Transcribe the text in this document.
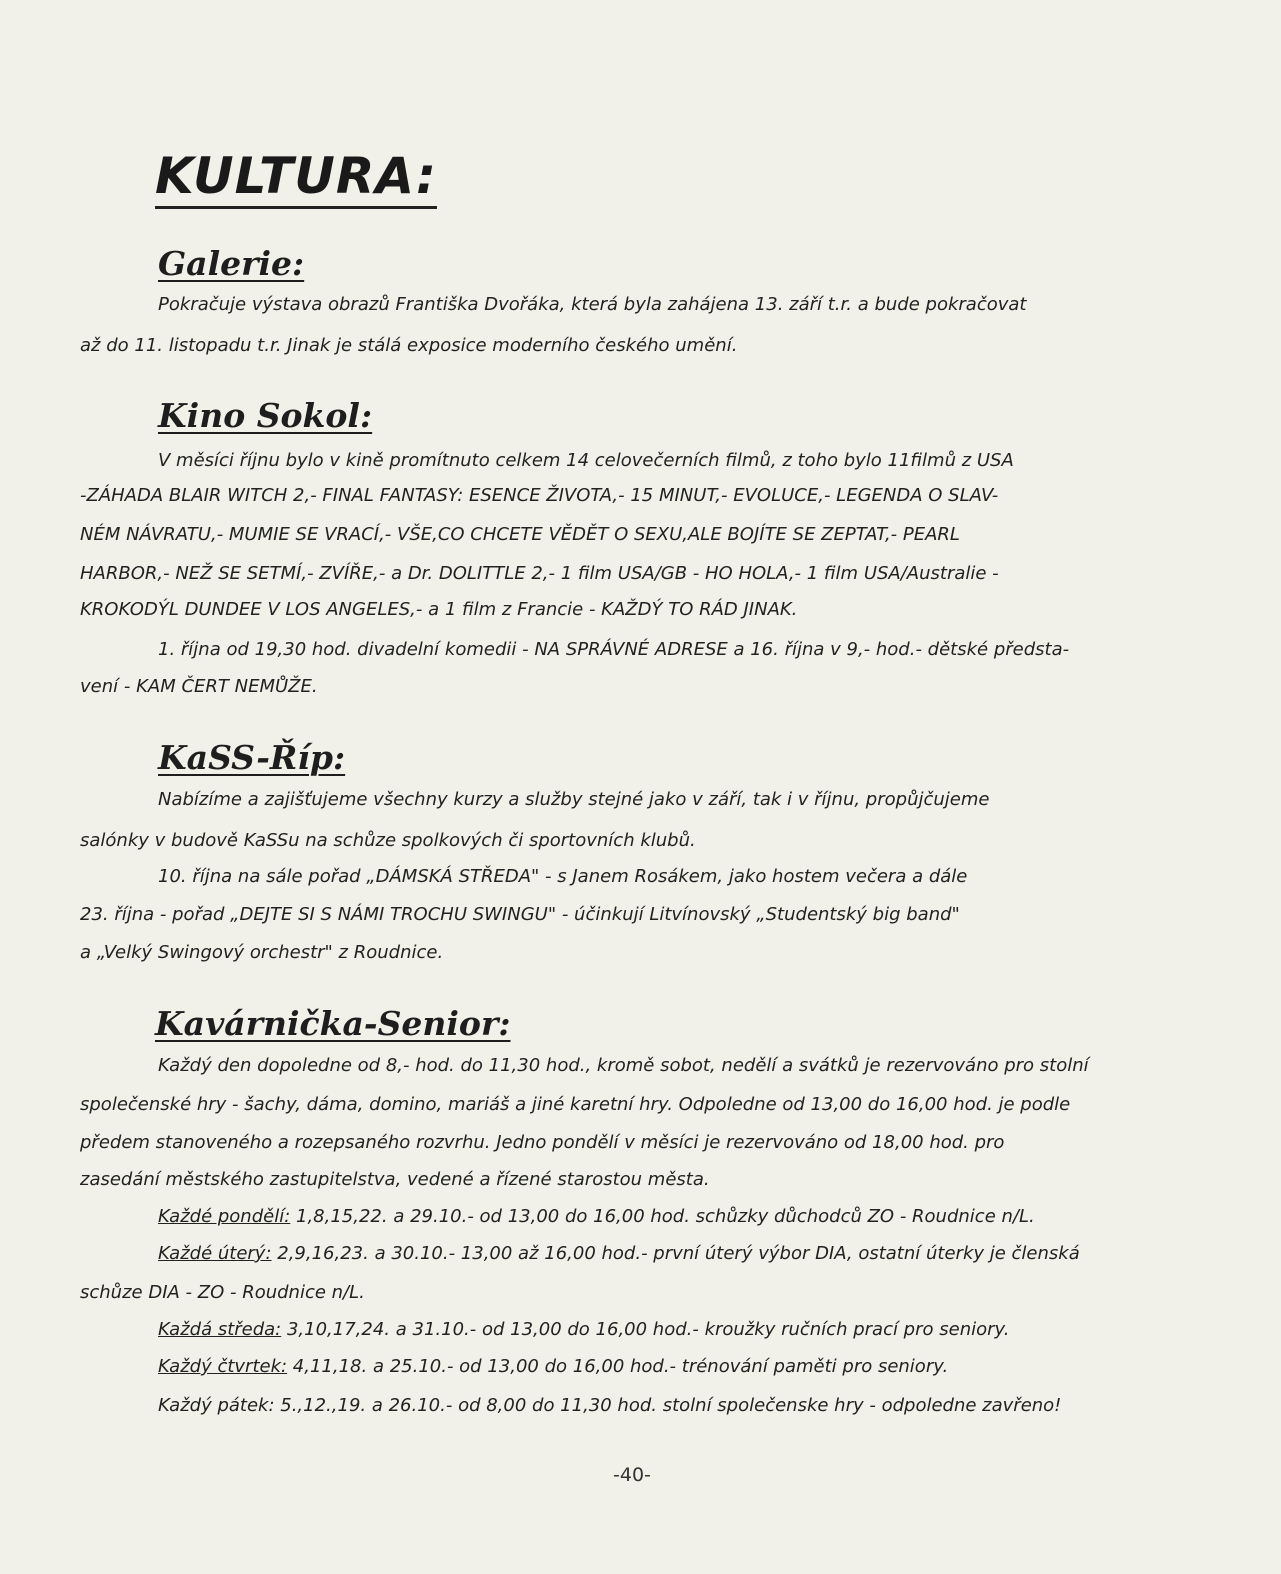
KULTURA:
Galerie:
Pokračuje výstava obrazů Františka Dvořáka, která byla zahájena 13. září t.r. a bude pokračovat
až do 11. listopadu t.r. Jinak je stálá exposice moderního českého umění.
Kino Sokol:
V měsíci říjnu bylo v kině promítnuto celkem 14 celovečerních filmů, z toho bylo 11filmů z USA
-ZÁHADA BLAIR WITCH 2,- FINAL FANTASY: ESENCE ŽIVOTA,- 15 MINUT,- EVOLUCE,- LEGENDA O SLAV-
NÉM NÁVRATU,- MUMIE SE VRACÍ,- VŠE,CO CHCETE VĚDĚT O SEXU,ALE BOJÍTE SE ZEPTAT,- PEARL
HARBOR,- NEŽ SE SETMÍ,- ZVÍŘE,- a Dr. DOLITTLE 2,- 1 film USA/GB - HO HOLA,- 1 film USA/Australie -
KROKODÝL DUNDEE V LOS ANGELES,- a 1 film z Francie - KAŽDÝ TO RÁD JINAK.
1. října od 19,30 hod. divadelní komedii - NA SPRÁVNÉ ADRESE a 16. října v 9,- hod.- dětské předsta-
vení - KAM ČERT NEMŮŽE.
KaSS-Říp:
Nabízíme a zajišťujeme všechny kurzy a služby stejné jako v září, tak i v říjnu, propůjčujeme
salónky v budově KaSSu na schůze spolkových či sportovních klubů.
10. října na sále pořad „DÁMSKÁ STŘEDA" - s Janem Rosákem, jako hostem večera a dále
23. října - pořad „DEJTE SI S NÁMI TROCHU SWINGU" - účinkují Litvínovský „Studentský big band"
a „Velký Swingový orchestr" z Roudnice.
Kavárnička-Senior:
Každý den dopoledne od 8,- hod. do 11,30 hod., kromě sobot, nedělí a svátků je rezervováno pro stolní
společenské hry - šachy, dáma, domino, mariáš a jiné karetní hry. Odpoledne od 13,00 do 16,00 hod. je podle
předem stanoveného a rozepsaného rozvrhu. Jedno pondělí v měsíci je rezervováno od 18,00 hod. pro
zasedání městského zastupitelstva, vedené a řízené starostou města.
Každé pondělí: 1,8,15,22. a 29.10.- od 13,00 do 16,00 hod. schůzky důchodců ZO - Roudnice n/L.
Každé úterý: 2,9,16,23. a 30.10.- 13,00 až 16,00 hod.- první úterý výbor DIA, ostatní úterky je členská
schůze DIA - ZO - Roudnice n/L.
Každá středa: 3,10,17,24. a 31.10.- od 13,00 do 16,00 hod.- kroužky ručních prací pro seniory.
Každý čtvrtek: 4,11,18. a 25.10.- od 13,00 do 16,00 hod.- trénování paměti pro seniory.
Každý pátek: 5.,12.,19. a 26.10.- od 8,00 do 11,30 hod. stolní společenske hry - odpoledne zavřeno!
-40-
